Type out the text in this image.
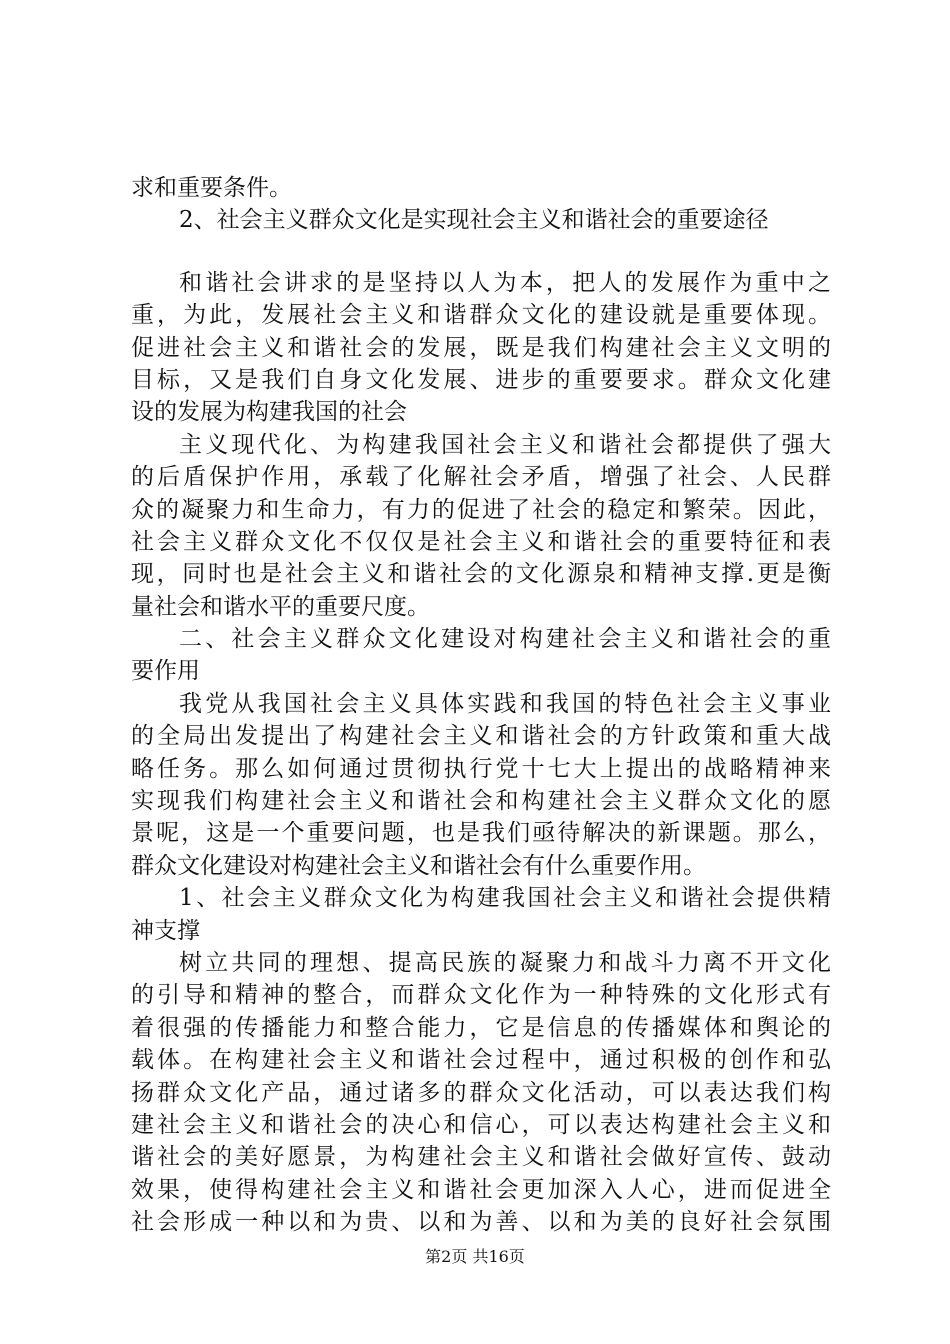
求和重要条件。
2、社会主义群众文化是实现社会主义和谐社会的重要途径
和谐社会讲求的是坚持以人为本，把人的发展作为重中之
重，为此，发展社会主义和谐群众文化的建设就是重要体现。
促进社会主义和谐社会的发展，既是我们构建社会主义文明的
目标，又是我们自身文化发展、进步的重要要求。群众文化建
设的发展为构建我国的社会
主义现代化、为构建我国社会主义和谐社会都提供了强大
的后盾保护作用，承载了化解社会矛盾，增强了社会、人民群
众的凝聚力和生命力，有力的促进了社会的稳定和繁荣。因此，
社会主义群众文化不仅仅是社会主义和谐社会的重要特征和表
现，同时也是社会主义和谐社会的文化源泉和精神支撑.更是衡
量社会和谐水平的重要尺度。
二、社会主义群众文化建设对构建社会主义和谐社会的重
要作用
我党从我国社会主义具体实践和我国的特色社会主义事业
的全局出发提出了构建社会主义和谐社会的方针政策和重大战
略任务。那么如何通过贯彻执行党十七大上提出的战略精神来
实现我们构建社会主义和谐社会和构建社会主义群众文化的愿
景呢，这是一个重要问题，也是我们亟待解决的新课题。那么，
群众文化建设对构建社会主义和谐社会有什么重要作用。
1、社会主义群众文化为构建我国社会主义和谐社会提供精
神支撑
树立共同的理想、提高民族的凝聚力和战斗力离不开文化
的引导和精神的整合，而群众文化作为一种特殊的文化形式有
着很强的传播能力和整合能力，它是信息的传播媒体和舆论的
载体。在构建社会主义和谐社会过程中，通过积极的创作和弘
扬群众文化产品，通过诸多的群众文化活动，可以表达我们构
建社会主义和谐社会的决心和信心，可以表达构建社会主义和
谐社会的美好愿景，为构建社会主义和谐社会做好宣传、鼓动
效果，使得构建社会主义和谐社会更加深入人心，进而促进全
社会形成一种以和为贵、以和为善、以和为美的良好社会氛围
第2页 共16页
